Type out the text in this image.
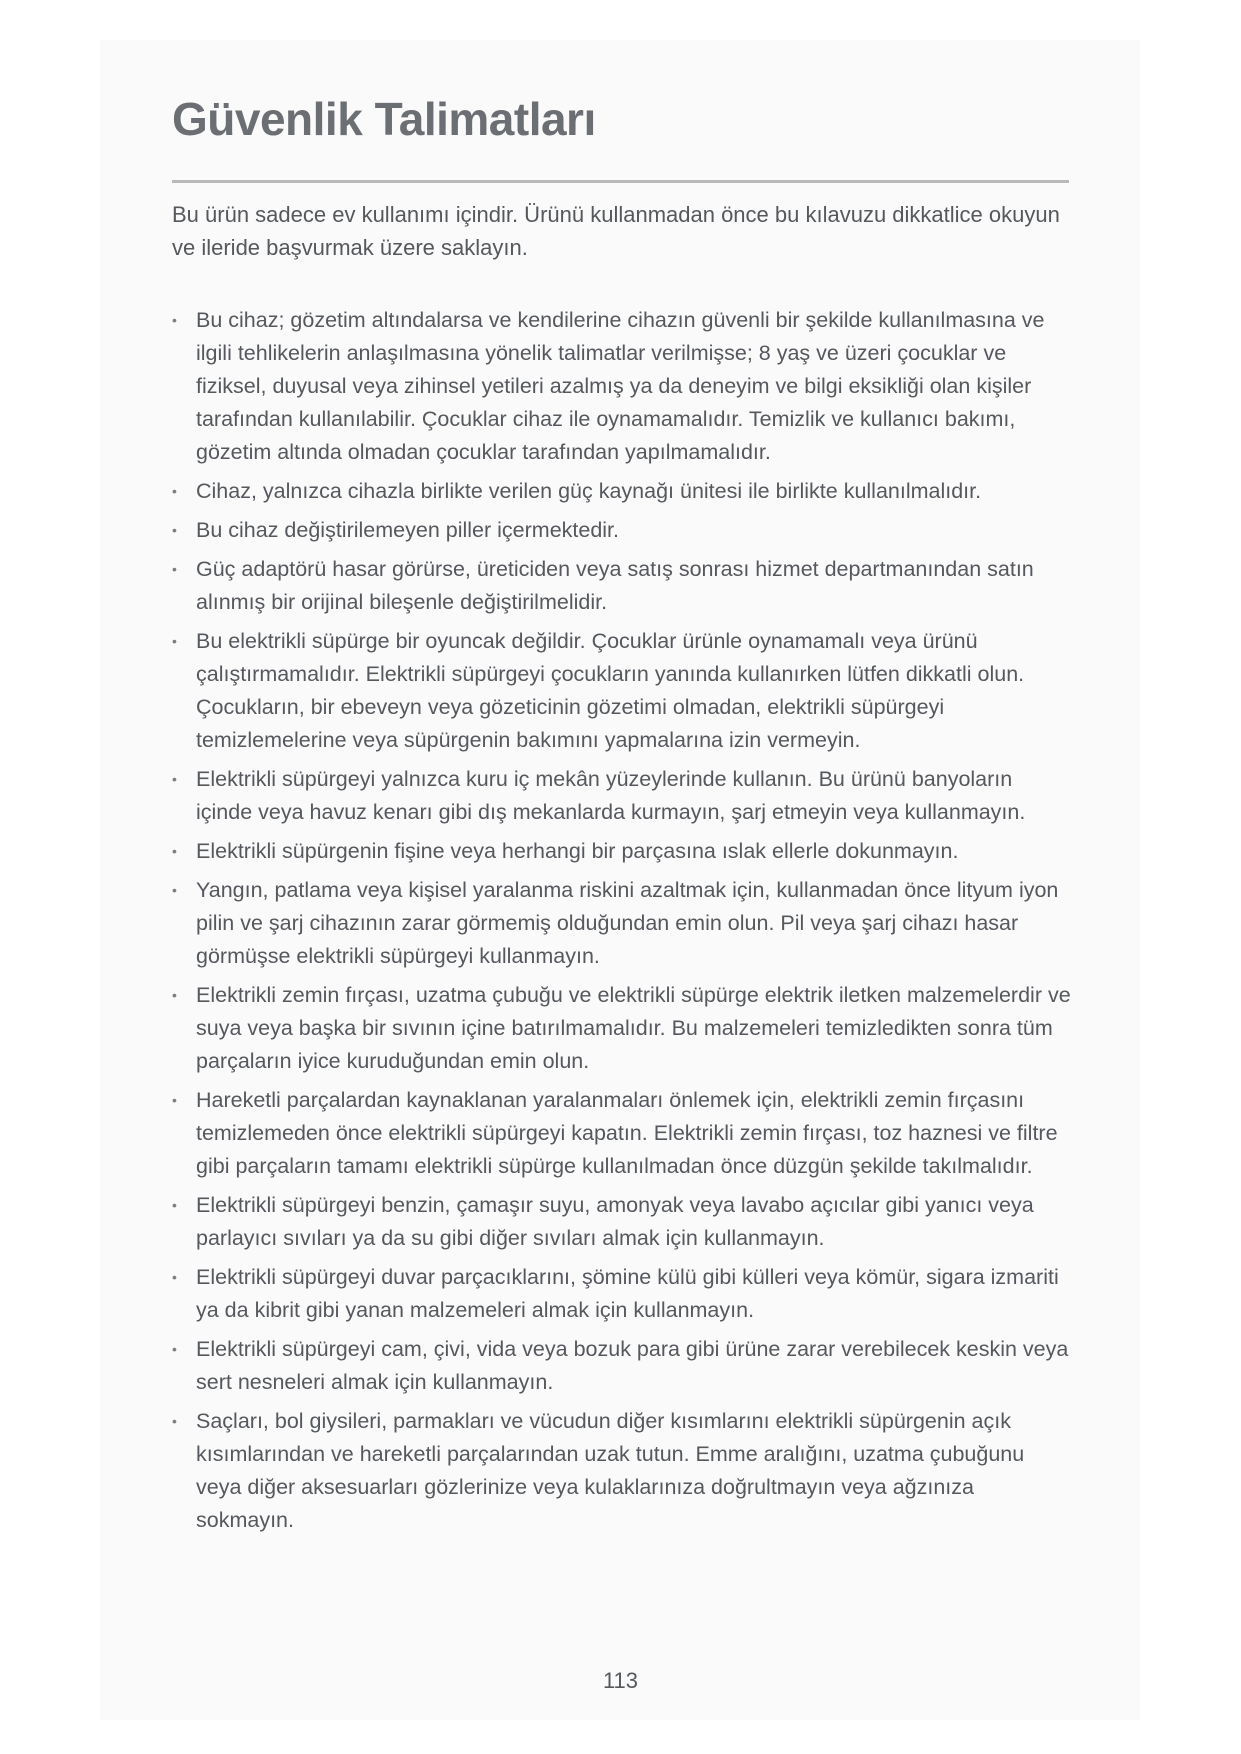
Güvenlik Talimatları

Bu ürün sadece ev kullanımı içindir. Ürünü kullanmadan önce bu kılavuzu dikkatlice okuyun ve ileride başvurmak üzere saklayın.

• Bu cihaz; gözetim altındalarsa ve kendilerine cihazın güvenli bir şekilde kullanılmasına ve ilgili tehlikelerin anlaşılmasına yönelik talimatlar verilmişse; 8 yaş ve üzeri çocuklar ve fiziksel, duyusal veya zihinsel yetileri azalmış ya da deneyim ve bilgi eksikliği olan kişiler tarafından kullanılabilir. Çocuklar cihaz ile oynamamalıdır. Temizlik ve kullanıcı bakımı, gözetim altında olmadan çocuklar tarafından yapılmamalıdır.
• Cihaz, yalnızca cihazla birlikte verilen güç kaynağı ünitesi ile birlikte kullanılmalıdır.
• Bu cihaz değiştirilemeyen piller içermektedir.
• Güç adaptörü hasar görürse, üreticiden veya satış sonrası hizmet departmanından satın alınmış bir orijinal bileşenle değiştirilmelidir.
• Bu elektrikli süpürge bir oyuncak değildir. Çocuklar ürünle oynamamalı veya ürünü çalıştırmamalıdır. Elektrikli süpürgeyi çocukların yanında kullanırken lütfen dikkatli olun. Çocukların, bir ebeveyn veya gözeticinin gözetimi olmadan, elektrikli süpürgeyi temizlemelerine veya süpürgenin bakımını yapmalarına izin vermeyin.
• Elektrikli süpürgeyi yalnızca kuru iç mekân yüzeylerinde kullanın. Bu ürünü banyoların içinde veya havuz kenarı gibi dış mekanlarda kurmayın, şarj etmeyin veya kullanmayın.
• Elektrikli süpürgenin fişine veya herhangi bir parçasına ıslak ellerle dokunmayın.
• Yangın, patlama veya kişisel yaralanma riskini azaltmak için, kullanmadan önce lityum iyon pilin ve şarj cihazının zarar görmemiş olduğundan emin olun. Pil veya şarj cihazı hasar görmüşse elektrikli süpürgeyi kullanmayın.
• Elektrikli zemin fırçası, uzatma çubuğu ve elektrikli süpürge elektrik iletken malzemelerdir ve suya veya başka bir sıvının içine batırılmamalıdır. Bu malzemeleri temizledikten sonra tüm parçaların iyice kuruduğundan emin olun.
• Hareketli parçalardan kaynaklanan yaralanmaları önlemek için, elektrikli zemin fırçasını temizlemeden önce elektrikli süpürgeyi kapatın. Elektrikli zemin fırçası, toz haznesi ve filtre gibi parçaların tamamı elektrikli süpürge kullanılmadan önce düzgün şekilde takılmalıdır.
• Elektrikli süpürgeyi benzin, çamaşır suyu, amonyak veya lavabo açıcılar gibi yanıcı veya parlayıcı sıvıları ya da su gibi diğer sıvıları almak için kullanmayın.
• Elektrikli süpürgeyi duvar parçacıklarını, şömine külü gibi külleri veya kömür, sigara izmariti ya da kibrit gibi yanan malzemeleri almak için kullanmayın.
• Elektrikli süpürgeyi cam, çivi, vida veya bozuk para gibi ürüne zarar verebilecek keskin veya sert nesneleri almak için kullanmayın.
• Saçları, bol giysileri, parmakları ve vücudun diğer kısımlarını elektrikli süpürgenin açık kısımlarından ve hareketli parçalarından uzak tutun. Emme aralığını, uzatma çubuğunu veya diğer aksesuarları gözlerinize veya kulaklarınıza doğrultmayın veya ağzınıza sokmayın.
113
